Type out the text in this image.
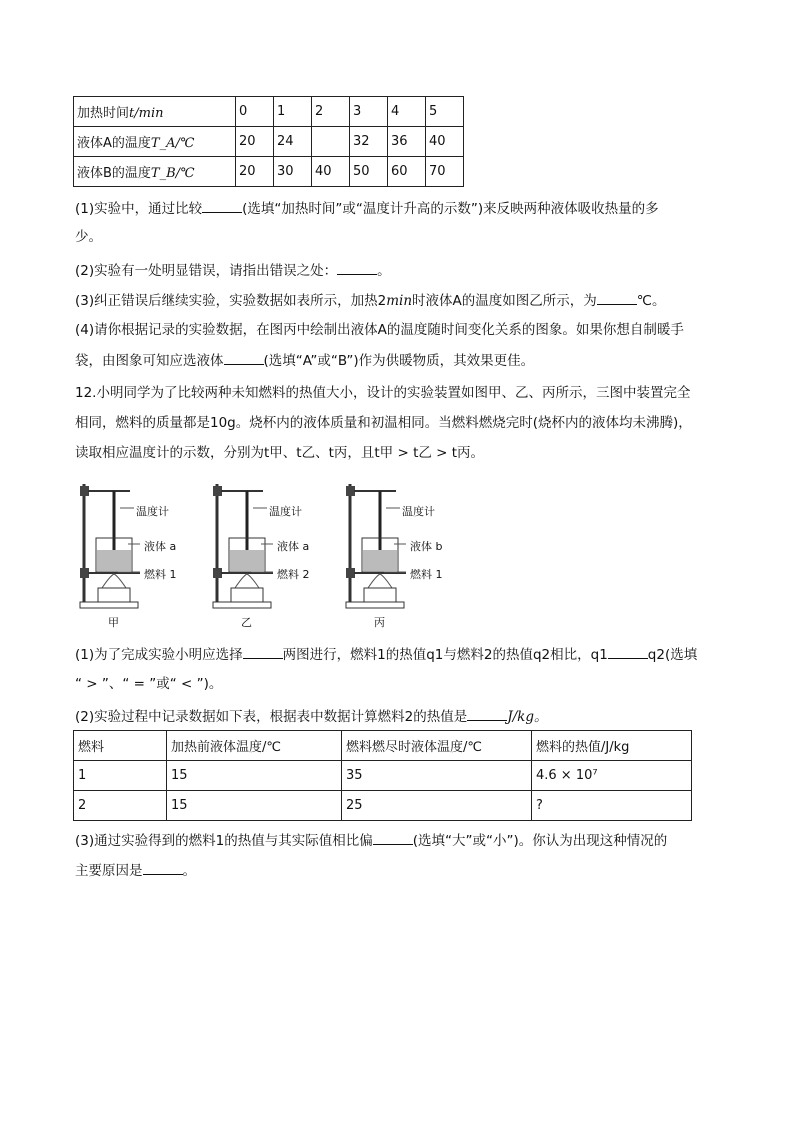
加热时间t/min	0	1	2	3	4	5
液体A的温度T_A/℃	20	24		32	36	40
液体B的温度T_B/℃	20	30	40	50	60	70
(1)实验中，通过比较	(选填“加热时间”或“温度计升高的示数”)来反映两种液体吸收热量的多
少。
(2)实验有一处明显错误，请指出错误之处：	。
(3)纠正错误后继续实验，实验数据如表所示，加热2min时液体A的温度如图乙所示，为	℃。
(4)请你根据记录的实验数据，在图丙中绘制出液体A的温度随时间变化关系的图象。如果你想自制暖手
袋，由图象可知应选液体	(选填“A”或“B”)作为供暖物质，其效果更佳。
12.小明同学为了比较两种未知燃料的热值大小，设计的实验装置如图甲、乙、丙所示，三图中装置完全
相同，燃料的质量都是10g。烧杯内的液体质量和初温相同。当燃料燃烧完时(烧杯内的液体均未沸腾)，
读取相应温度计的示数，分别为t甲、t乙、t丙，且t甲 > t乙 > t丙。
温度计
液体 a
燃料 1
甲
温度计
液体 a
燃料 2
乙
温度计
液体 b
燃料 1
丙
(1)为了完成实验小明应选择	两图进行，燃料1的热值q1与燃料2的热值q2相比，q1	q2(选填
“ > ”、“ = ”或“ < ”)。
(2)实验过程中记录数据如下表，根据表中数据计算燃料2的热值是	J/kg。
燃料	加热前液体温度/℃	燃料燃尽时液体温度/℃	燃料的热值/J/kg
1	15	35	4.6 × 10⁷
2	15	25	?
(3)通过实验得到的燃料1的热值与其实际值相比偏	(选填“大”或“小”)。你认为出现这种情况的
主要原因是	。
